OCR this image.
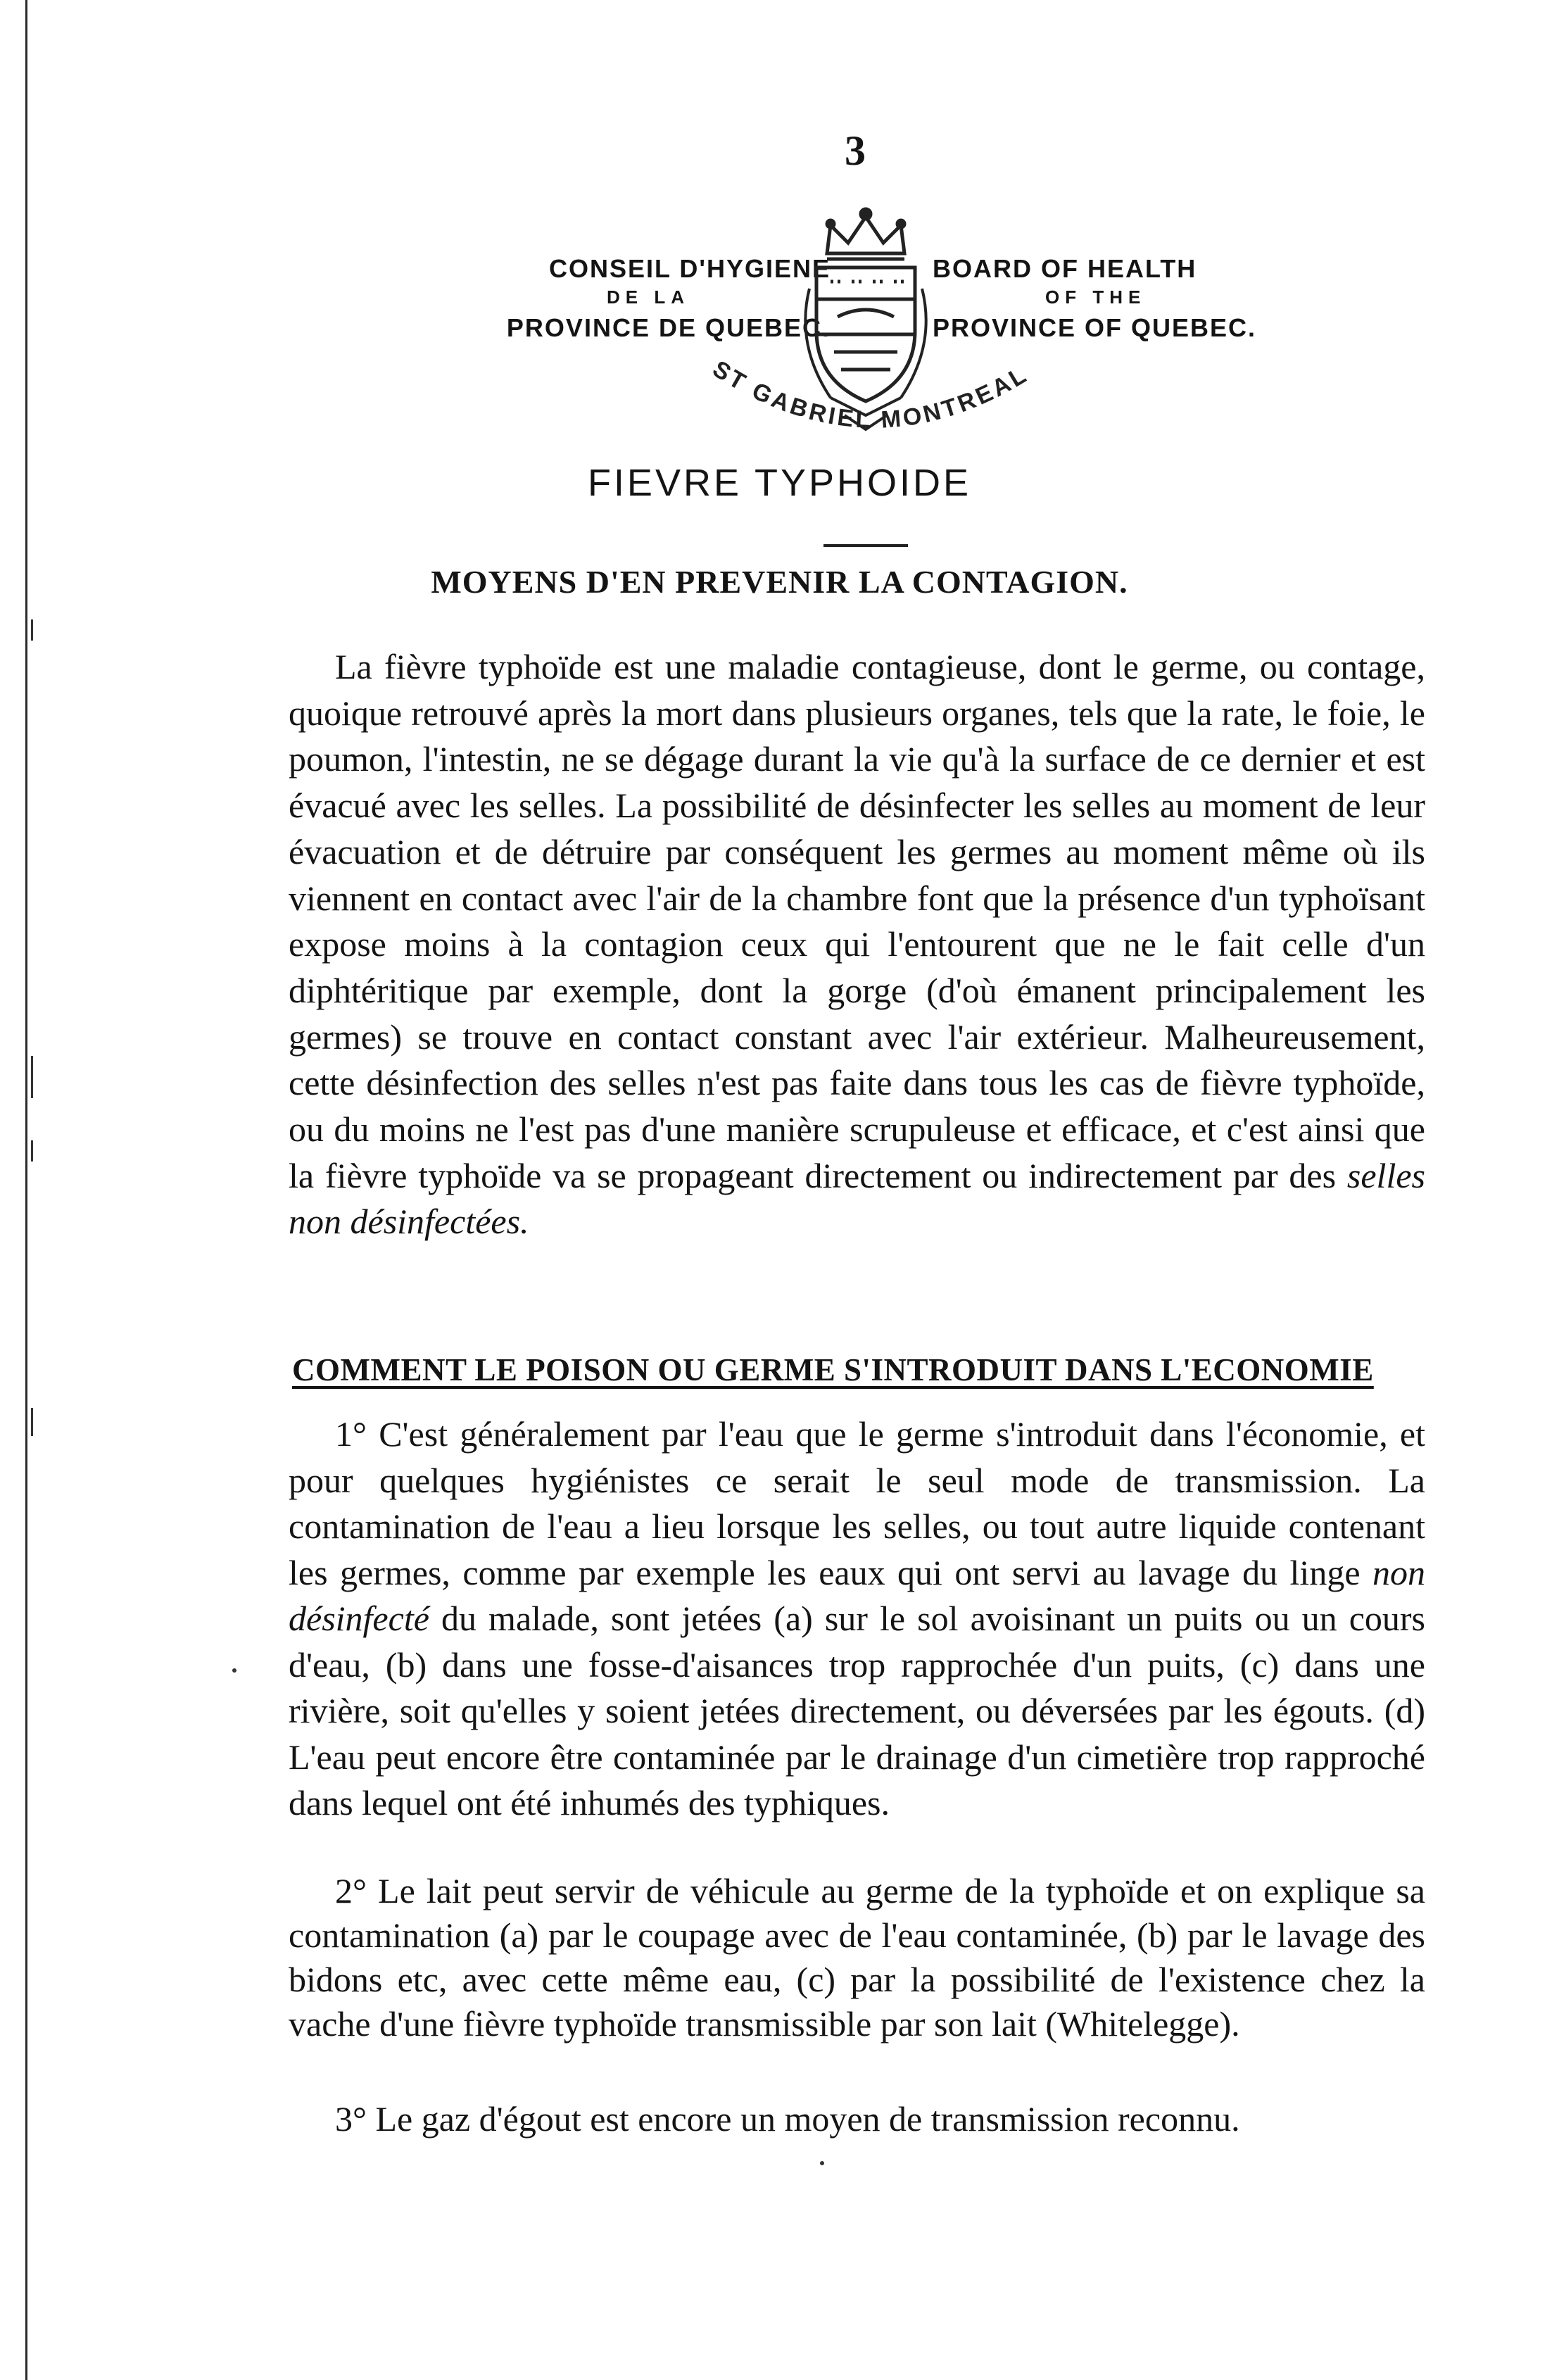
3
CONSEIL D'HYGIENE
DE LA
PROVINCE DE QUEBEC.
BOARD OF HEALTH
OF THE
PROVINCE OF QUEBEC.
ST GABRIEL MONTREAL
FIEVRE TYPHOIDE
MOYENS D'EN PREVENIR LA CONTAGION.
La fièvre typhoïde est une maladie contagieuse, dont le germe, ou contage, quoique retrouvé après la mort dans plusieurs organes, tels que la rate, le foie, le poumon, l'intestin, ne se dégage durant la vie qu'à la surface de ce dernier et est évacué avec les selles. La possibilité de désinfecter les selles au moment de leur évacuation et de détruire par conséquent les germes au moment même où ils viennent en contact avec l'air de la chambre font que la présence d'un typhoïsant expose moins à la contagion ceux qui l'entourent que ne le fait celle d'un diphtéritique par exemple, dont la gorge (d'où émanent principalement les germes) se trouve en contact constant avec l'air extérieur. Malheureusement, cette désinfection des selles n'est pas faite dans tous les cas de fièvre typhoïde, ou du moins ne l'est pas d'une manière scrupuleuse et efficace, et c'est ainsi que la fièvre typhoïde va se propageant directement ou indirectement par des selles non désinfectées.
COMMENT LE POISON OU GERME S'INTRODUIT DANS L'ECONOMIE
1° C'est généralement par l'eau que le germe s'introduit dans l'économie, et pour quelques hygiénistes ce serait le seul mode de transmission. La contamination de l'eau a lieu lorsque les selles, ou tout autre liquide contenant les germes, comme par exemple les eaux qui ont servi au lavage du linge non désinfecté du malade, sont jetées (a) sur le sol avoisinant un puits ou un cours d'eau, (b) dans une fosse-d'aisances trop rapprochée d'un puits, (c) dans une rivière, soit qu'elles y soient jetées directement, ou déversées par les égouts. (d) L'eau peut encore être contaminée par le drainage d'un cimetière trop rapproché dans lequel ont été inhumés des typhiques.
2° Le lait peut servir de véhicule au germe de la typhoïde et on explique sa contamination (a) par le coupage avec de l'eau contaminée, (b) par le lavage des bidons etc, avec cette même eau, (c) par la possibilité de l'existence chez la vache d'une fièvre typhoïde transmissible par son lait (Whitelegge).
3° Le gaz d'égout est encore un moyen de transmission reconnu.
